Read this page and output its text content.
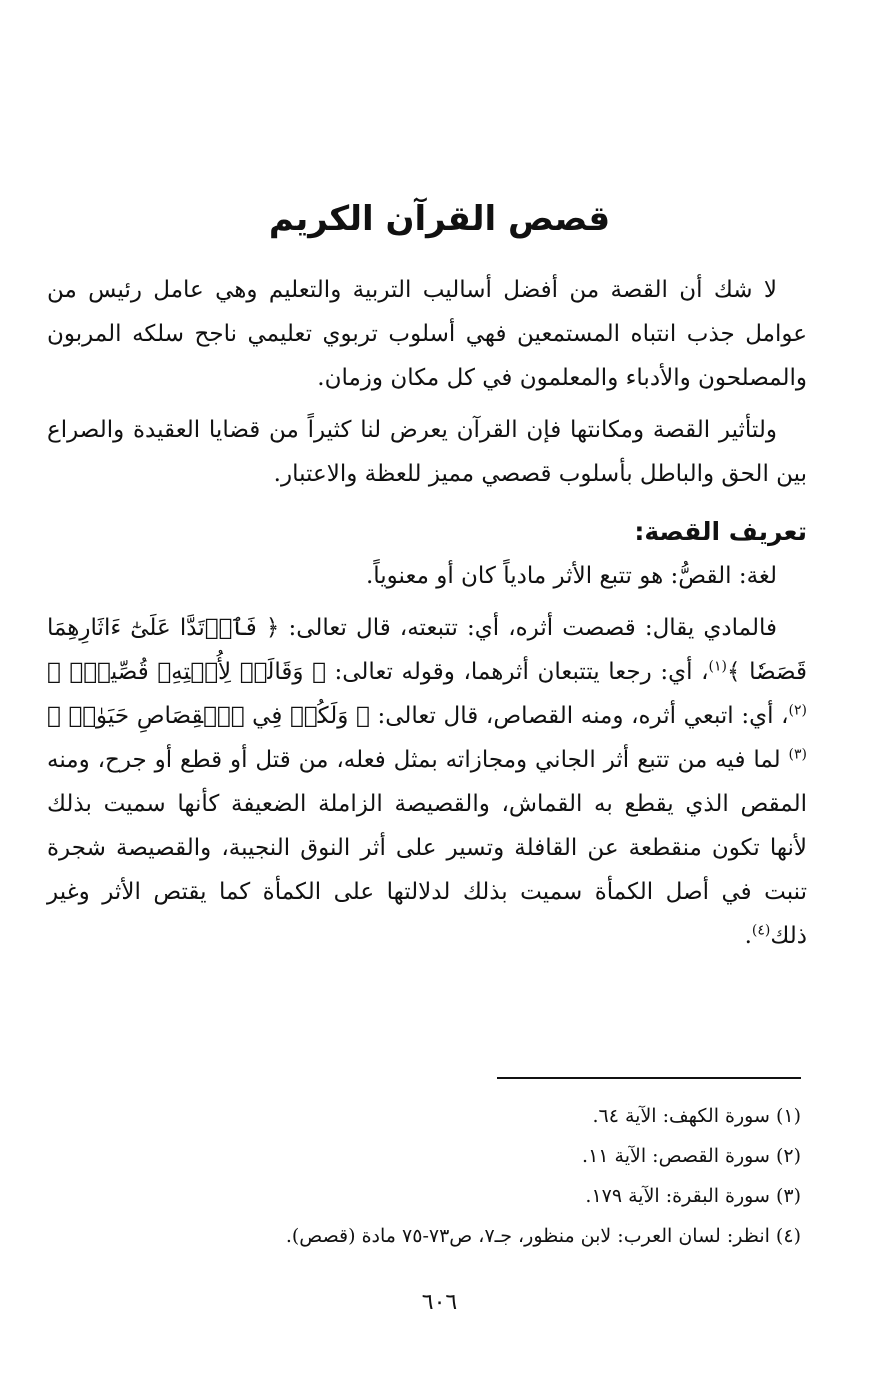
قصص القرآن الكريم

لا شك أن القصة من أفضل أساليب التربية والتعليم وهي عامل رئيس من عوامل جذب انتباه المستمعين فهي أسلوب تربوي تعليمي ناجح سلكه المربون والمصلحون والأدباء والمعلمون في كل مكان وزمان.

ولتأثير القصة ومكانتها فإن القرآن يعرض لنا كثيراً من قضايا العقيدة والصراع بين الحق والباطل بأسلوب قصصي مميز للعظة والاعتبار.

تعريف القصة:

لغة: القصُّ: هو تتبع الأثر مادياً كان أو معنوياً.

فالمادي يقال: قصصت أثره، أي: تتبعته، قال تعالى: ﴿ فَٱرۡتَدَّا عَلَىٰٓ ءَاثَارِهِمَا قَصَصٗا ﴾$^{(١)}$، أي: رجعا يتتبعان أثرهما، وقوله تعالى: ﴿ وَقَالَتۡ لِأُخۡتِهِۦ قُصِّيهِۖ ﴾$^{(٢)}$، أي: اتبعي أثره، ومنه القصاص، قال تعالى: ﴿ وَلَكُمۡ فِي ٱلۡقِصَاصِ حَيَوٰةٞ ﴾$^{(٣)}$ لما فيه من تتبع أثر الجاني ومجازاته بمثل فعله، من قتل أو قطع أو جرح، ومنه المقص الذي يقطع به القماش، والقصيصة الزاملة الضعيفة كأنها سميت بذلك لأنها تكون منقطعة عن القافلة وتسير على أثر النوق النجيبة، والقصيصة شجرة تنبت في أصل الكمأة سميت بذلك لدلالتها على الكمأة كما يقتص الأثر وغير ذلك$^{(٤)}$.

(١) سورة الكهف: الآية ٦٤.
(٢) سورة القصص: الآية ١١.
(٣) سورة البقرة: الآية ١٧٩.
(٤) انظر: لسان العرب: لابن منظور، جـ٧، ص٧٣-٧٥ مادة (قصص).
٦٠٦
